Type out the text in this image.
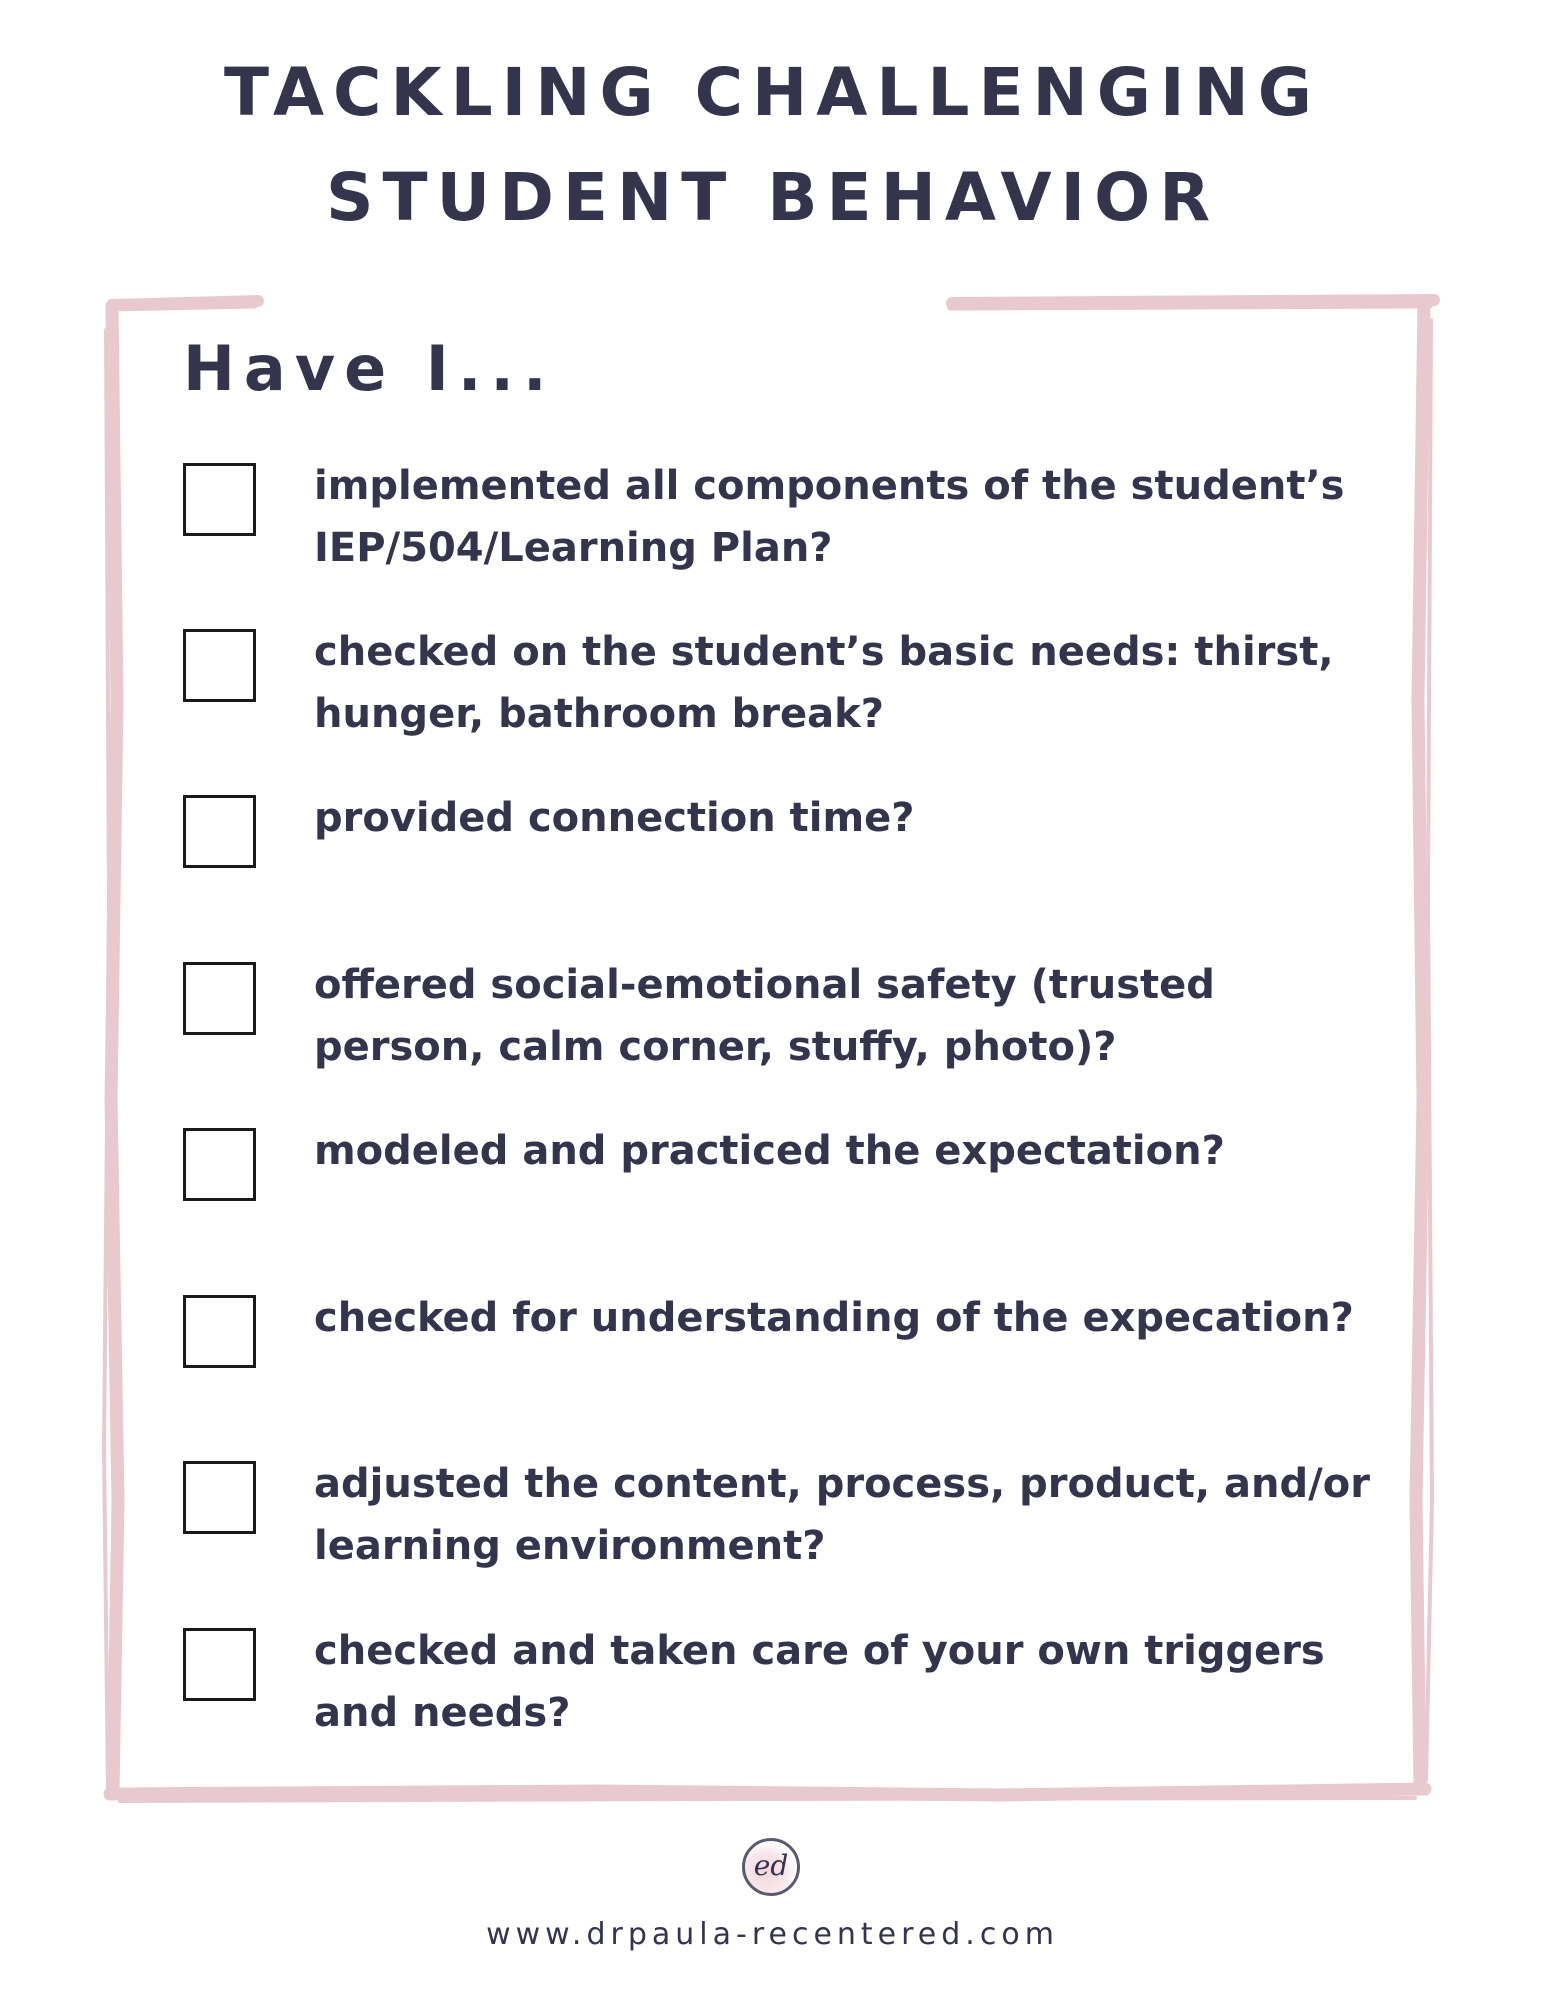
TACKLING CHALLENGING
STUDENT BEHAVIOR
Have I...
implemented all components of the student’s IEP/504/Learning Plan?
checked on the student’s basic needs: thirst, hunger, bathroom break?
provided connection time?
offered social-emotional safety (trusted person, calm corner, stuffy, photo)?
modeled and practiced the expectation?
checked for understanding of the expecation?
adjusted the content, process, product, and/or learning environment?
checked and taken care of your own triggers and needs?
ed
www.drpaula-recentered.com
